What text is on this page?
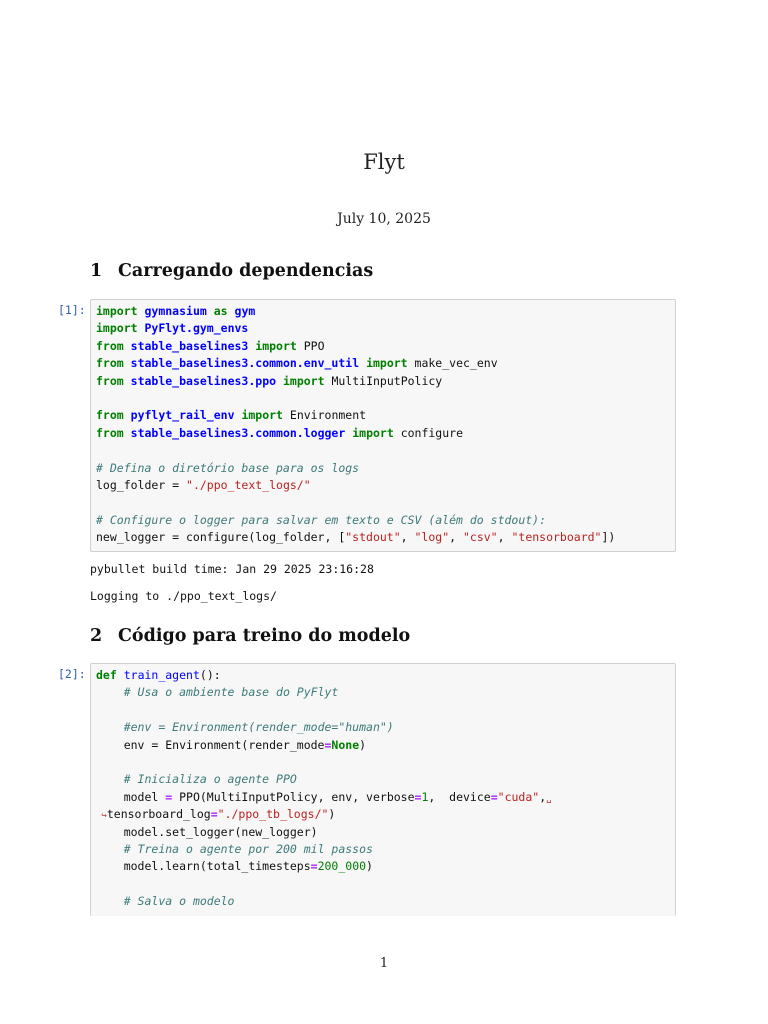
Flyt
July 10, 2025
1 Carregando dependencias
[1]: import gymnasium as gym
import PyFlyt.gym_envs
from stable_baselines3 import PPO
from stable_baselines3.common.env_util import make_vec_env
from stable_baselines3.ppo import MultiInputPolicy

from pyflyt_rail_env import Environment
from stable_baselines3.common.logger import configure

# Defina o diretório base para os logs
log_folder = "./ppo_text_logs/"

# Configure o logger para salvar em texto e CSV (além do stdout):
new_logger = configure(log_folder, ["stdout", "log", "csv", "tensorboard"])
pybullet build time: Jan 29 2025 23:16:28
Logging to ./ppo_text_logs/
2 Código para treino do modelo
[2]: def train_agent():
# Usa o ambiente base do PyFlyt

#env = Environment(render_mode="human")
env = Environment(render_mode=None)

# Inicializa o agente PPO
model = PPO(MultiInputPolicy, env, verbose=1,  device="cuda",␣
↪tensorboard_log="./ppo_tb_logs/")
model.set_logger(new_logger)
# Treina o agente por 200 mil passos
model.learn(total_timesteps=200_000)

# Salva o modelo
1
